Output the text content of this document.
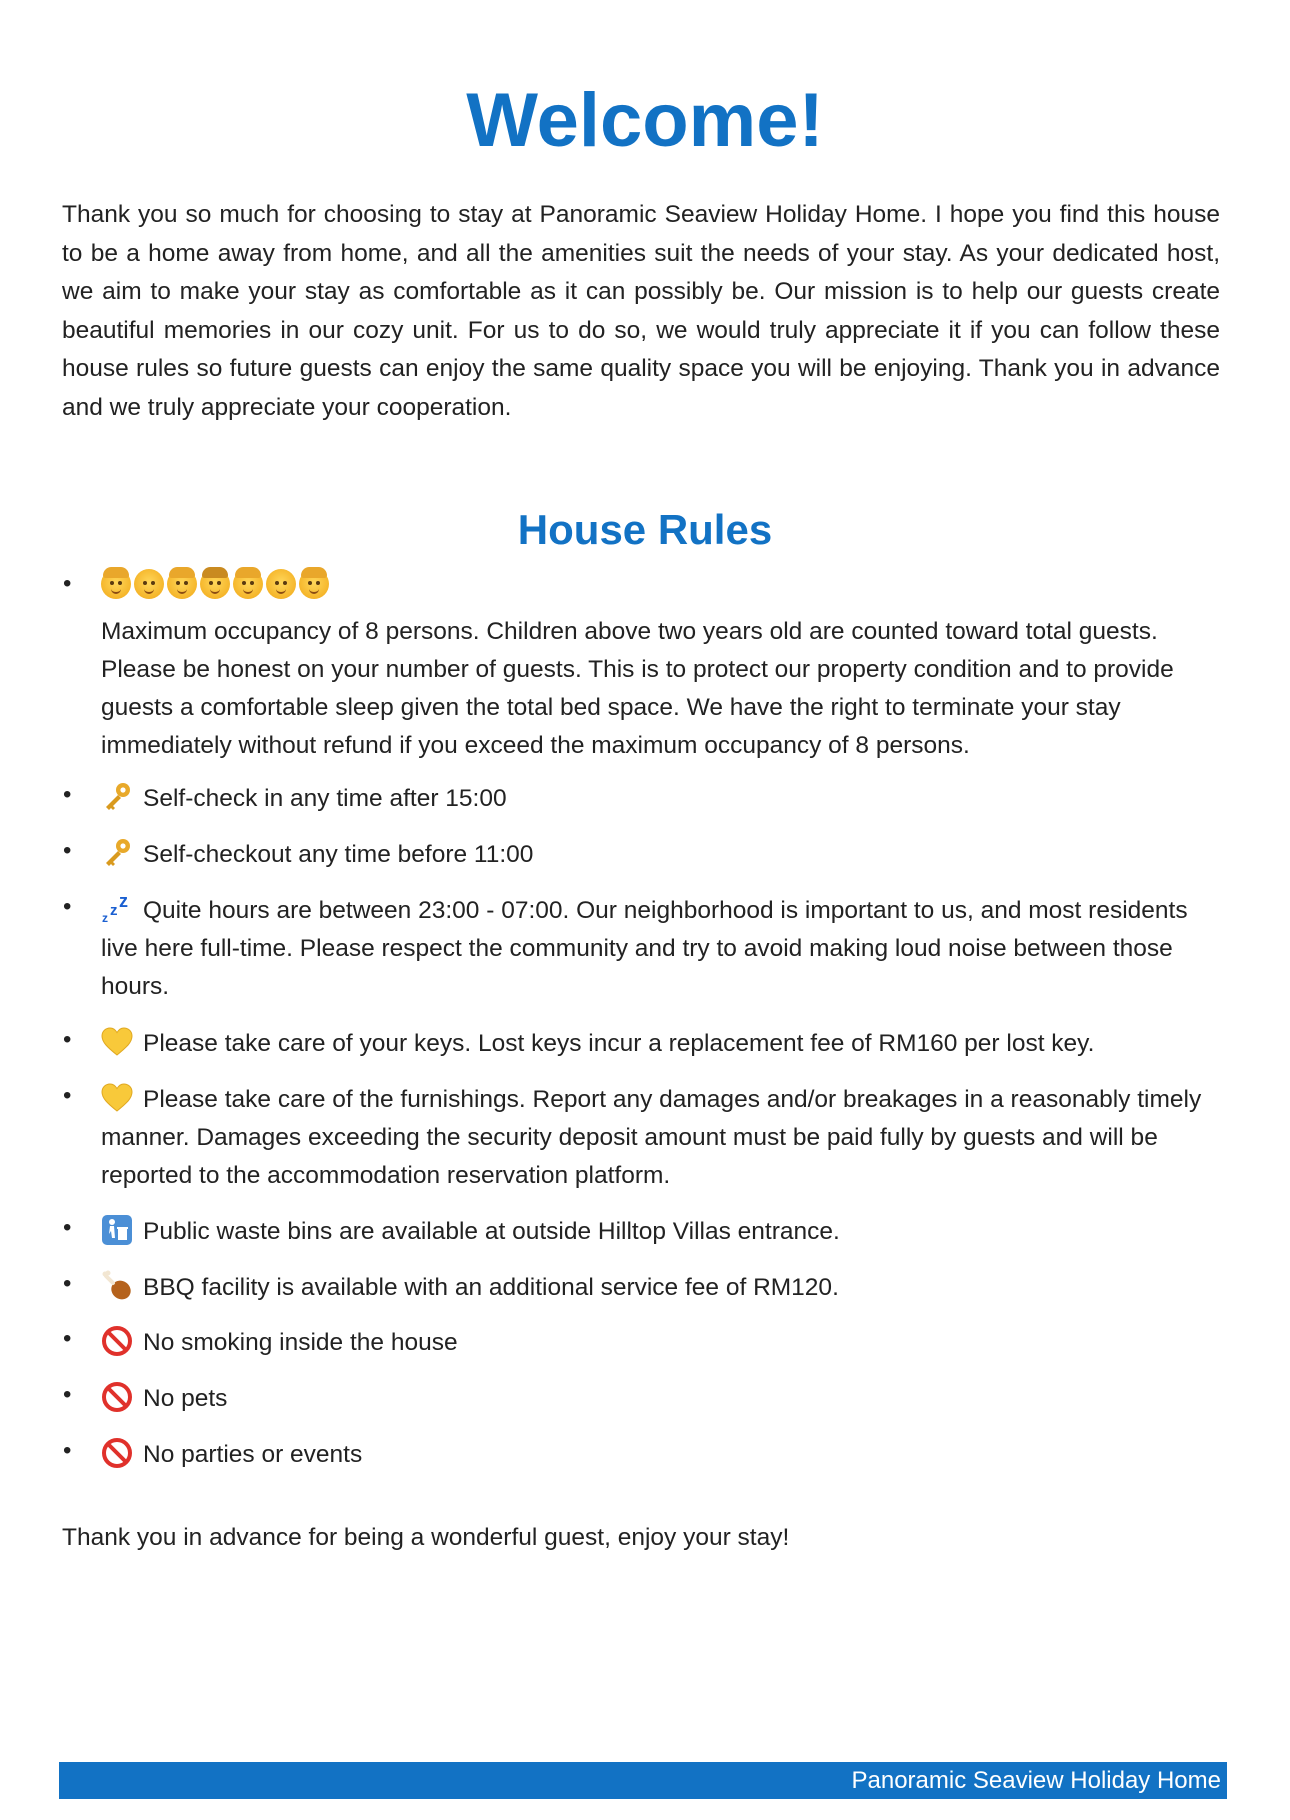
Welcome!

Thank you so much for choosing to stay at Panoramic Seaview Holiday Home. I hope you find this house to be a home away from home, and all the amenities suit the needs of your stay. As your dedicated host, we aim to make your stay as comfortable as it can possibly be. Our mission is to help our guests create beautiful memories in our cozy unit. For us to do so, we would truly appreciate it if you can follow these house rules so future guests can enjoy the same quality space you will be enjoying. Thank you in advance and we truly appreciate your cooperation.

House Rules
•
Maximum occupancy of 8 persons. Children above two years old are counted toward total guests. Please be honest on your number of guests. This is to protect our property condition and to provide guests a comfortable sleep given the total bed space. We have the right to terminate your stay immediately without refund if you exceed the maximum occupancy of 8 persons.
•	Self-check in any time after 15:00
•	Self-checkout any time before 11:00
•	z z z Quite hours are between 23:00 - 07:00. Our neighborhood is important to us, and most residents live here full-time. Please respect the community and try to avoid making loud noise between those hours.
•	Please take care of your keys. Lost keys incur a replacement fee of RM160 per lost key.
•	Please take care of the furnishings. Report any damages and/or breakages in a reasonably timely manner. Damages exceeding the security deposit amount must be paid fully by guests and will be reported to the accommodation reservation platform.
•	Public waste bins are available at outside Hilltop Villas entrance.
•	BBQ facility is available with an additional service fee of RM120.
•	No smoking inside the house
•	No pets
•	No parties or events

Thank you in advance for being a wonderful guest, enjoy your stay!

Panoramic Seaview Holiday Home
